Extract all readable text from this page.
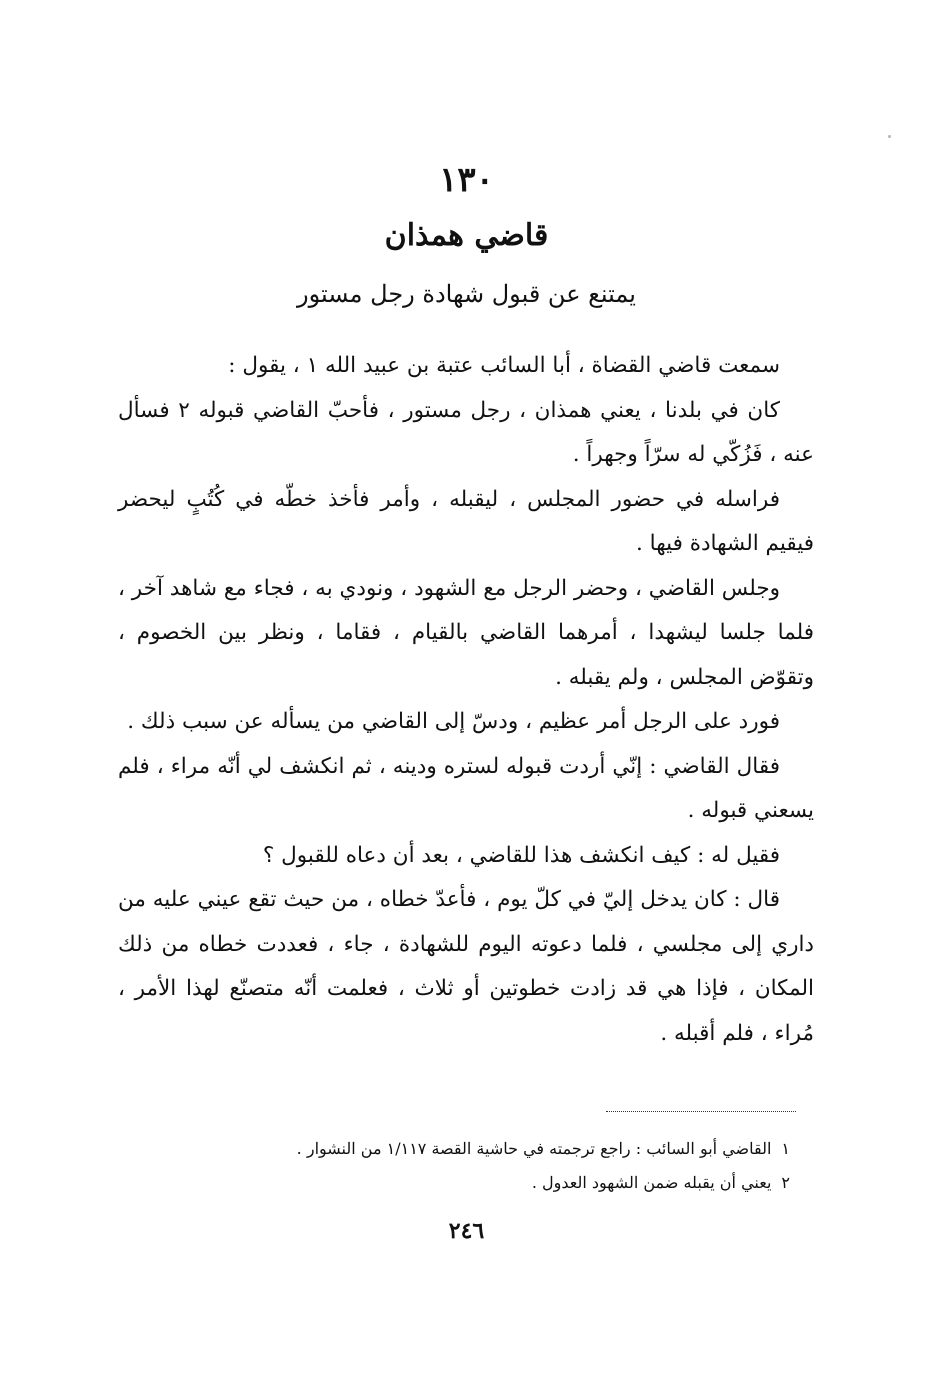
١٣٠
قاضي همذان
يمتنع عن قبول شهادة رجل مستور

سمعت قاضي القضاة ، أبا السائب عتبة بن عبيد الله ١ ، يقول :

كان في بلدنا ، يعني همذان ، رجل مستور ، فأحبّ القاضي قبوله ٢ فسأل عنه ، فَزُكّي له سرّاً وجهراً .

فراسله في حضور المجلس ، ليقبله ، وأمر فأخذ خطّه في كُتُبٍ ليحضر فيقيم الشهادة فيها .

وجلس القاضي ، وحضر الرجل مع الشهود ، ونودي به ، فجاء مع شاهد آخر ، فلما جلسا ليشهدا ، أمرهما القاضي بالقيام ، فقاما ، ونظر بين الخصوم ، وتقوّض المجلس ، ولم يقبله .

فورد على الرجل أمر عظيم ، ودسّ إلى القاضي من يسأله عن سبب ذلك .

فقال القاضي : إنّي أردت قبوله لستره ودينه ، ثم انكشف لي أنّه مراء ، فلم يسعني قبوله .

فقيل له : كيف انكشف هذا للقاضي ، بعد أن دعاه للقبول ؟

قال : كان يدخل إليّ في كلّ يوم ، فأعدّ خطاه ، من حيث تقع عيني عليه من داري إلى مجلسي ، فلما دعوته اليوم للشهادة ، جاء ، فعددت خطاه من ذلك المكان ، فإذا هي قد زادت خطوتين أو ثلاث ، فعلمت أنّه متصنّع لهذا الأمر ، مُراء ، فلم أقبله .

١القاضي أبو السائب : راجع ترجمته في حاشية القصة ١/١١٧ من النشوار .
٢يعني أن يقبله ضمن الشهود العدول .
٢٤٦
